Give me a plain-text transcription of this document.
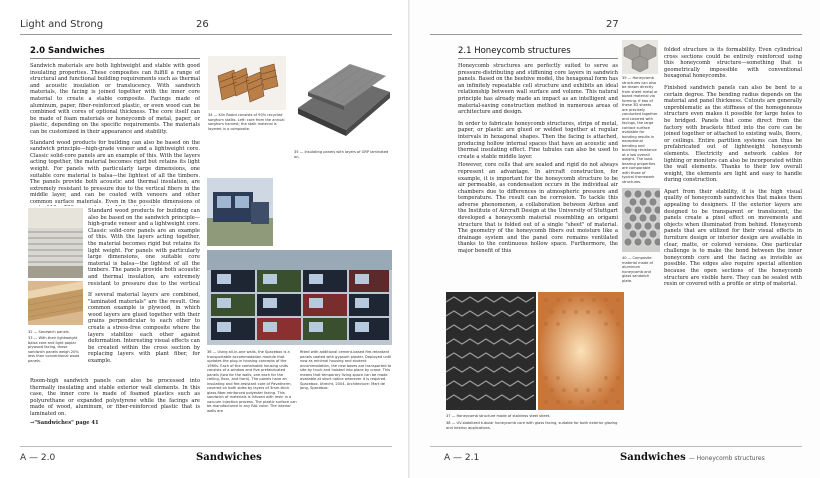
Light and Strong	26
2.0 Sandwiches

Sandwich materials are both lightweight and stable with good insulating properties. These composites can fulfill a range of structural and functional building requirements such as thermal and acoustic insulation or translucency. With sandwich materials, the facing is joined together with the inner core material to create a stable composite. Facings made of aluminum, paper, fiber-reinforced plastic, or even wood can be combined with cores of optional thickness. The core itself can be made of foam materials or honeycomb of metal, paper, or plastic, depending on the specific requirements. The materials can be customized in their appearance and stability.

Standard wood products for building can also be based on the sandwich principle—high-grade veneer and a lightweight core. Classic solid-core panels are an example of this. With the layers acting together, the material becomes rigid but retains its light weight. For panels with particularly large dimensions, one suitable core material is balsa—the lightest of all the timbers. The panels provide both acoustic and thermal insulation, are extremely resistant to pressure due to the vertical fibers in the middle layer, and can be coated with veneers and other common surface materials. Even in the possible dimensions of

34 — Kiln Board consists of 90% recycled sorghum stalks. Left: core from the annual sorghum harvest; the stalk material is layered in a composite.
35 — Insulating panels with layers of GRP laminated on.
32 — Sandwich panels.
33 — With their lightweight balsa core and light poplar plywood facing, these sandwich panels weigh 20% less than conventional wood panels.

Standard wood products for building can also be based on the sandwich principle—high-grade veneer and a lightweight core. Classic solid-core panels are an example of this. With the layers acting together, the material becomes rigid but retains its light weight. For panels with particularly large dimensions, one suitable core material is balsa—the lightest of all the timbers. The panels provide both acoustic and thermal insulation, are extremely resistant to pressure due to the vertical

If several material layers are combined, "laminated materials" are the result. One common example is plywood, in which wood layers are glued together with their grains perpendicular to each other to create a stress-free composite where the layers stabilize each other against deformation. Interesting visual effects can be created within the cross section by replacing layers with plant fiber, for example.

Room-high sandwich panels can also be processed into thermally insulating and stable exterior wall elements. In this case, the inner core is made of foamed plastics such as polyurethane or expanded polystyrene while the facings are made of wood, aluminum, or fiber-reinforced plastic that is laminated on.

→"Sandwiches" page 41

36 — Using all-in-one walls, the Spacebox is a transportable accommodation module that updates the plug-in housing concepts of the 1960s. Each of the combinable housing units consists of a window and five prefabricated panels (two for the walls, one each for the ceiling, floor, and front). The panels have an insulating and fire-resistant core of Pavatherm, covered on both sides by layers of 3mm-thick glass-fiber-reinforced polyester facing. This sandwich of materials is infused with resin in a vacuum injection process. The plastic surface can be manufactured in any RAL color. The interior walls are
fitted with additional cement-based fire-retardant panels coated with gypsum plaster. Deployed until now as minimal housing and student accommodation, the new boxes are transported to site by truck and hoisted into place by crane. This means that temporary living space can be made available at short notice wherever it is required. Spacebox, Utrecht, 2004. Architecture: Mart de Jong, Spacebox.
A — 2.0	Sandwiches
27
2.1 Honeycomb structures

Honeycomb structures are perfectly suited to serve as pressure-distributing and stiffening core layers in sandwich panels. Based on the beehive model, the hexagonal form has an infinitely repeatable cell structure and exhibits an ideal relationship between wall surface and volume. This natural principle has already made an impact as an intelligent and material-saving construction method in numerous areas of architecture and design.

In order to fabricate honeycomb structures, strips of metal, paper, or plastic are glued or welded together at regular intervals in hexagonal shapes. Then the facing is attached, producing hollow internal spaces that have an acoustic and thermal insulating effect. Fine tubules can also be used to create a stable middle layer.

However, core cells that are sealed and rigid do not always represent an advantage. In aircraft construction, for example, it is important for the honeycomb structure to be air permeable, as condensation occurs in the individual air chambers due to differences in atmospheric pressure and temperature. The result can be corrosion. To tackle this adverse phenomenon, a collaboration between Airbus and the Institute of Aircraft Design at the University of Stuttgart developed a honeycomb material resembling an origami structure that is folded out of a single "sheet" of material. The geometry of the honeycomb fibers out moisture like a drainage system and the panel core remains ventilated thanks to the continuous hollow space. Furthermore, the major benefit of this

39 — Honeycomb structures can also be drawn directly from sheet metal or board material via forming. If two of these 3D sheets are precisely conducted together and covered with facings, the large contact surface available for bonding results in exceptional bending and buckling resistance at a low overall weight. The load-bearing properties are comparable with those of typical framework structures.
40 — Composite material made of aluminum honeycomb and glass sandwich plate.

folded structure is its formability. Even cylindrical cross sections could be entirely reinforced using this honeycomb structure—something that is geometrically impossible with conventional hexagonal honeycombs.

Finished sandwich panels can also be bent to a certain degree. The bending radius depends on the material and panel thickness. Cutouts are generally unproblematic as the stiffness of the homogeneous structure even makes it possible for large holes to be bridged. Panels that come direct from the factory with brackets fitted into the core can be joined together or attached to existing walls, floors, or ceilings. Entire partition systems can thus be prefabricated out of lightweight honeycomb elements. Electricity and network cables for lighting or monitors can also be incorporated within the wall elements. Thanks to their low overall weight, the elements are light and easy to handle during construction.

Apart from their stability, it is the high visual quality of honeycomb sandwiches that makes them appealing to designers. If the exterior layers are designed to be transparent or translucent, the panels create a pixel effect on movements and objects when illuminated from behind. Honeycomb panels that are utilized for their visual effects in furniture design or interior design are available in clear, matte, or colored versions. One particular challenge is to make the bond between the inner honeycomb core and the facing as invisible as possible. The edges also require special attention because the open sections of the honeycomb structure are visible here. They can be sealed with resin or covered with a profile or strip of material.

37 — Honeycomb structure made of stainless steel sheet.
38 — UV-stabilized tubular honeycomb core with glass facing, suitable for both exterior glazing and interior applications.
A — 2.1	Sandwiches — Honeycomb structures
